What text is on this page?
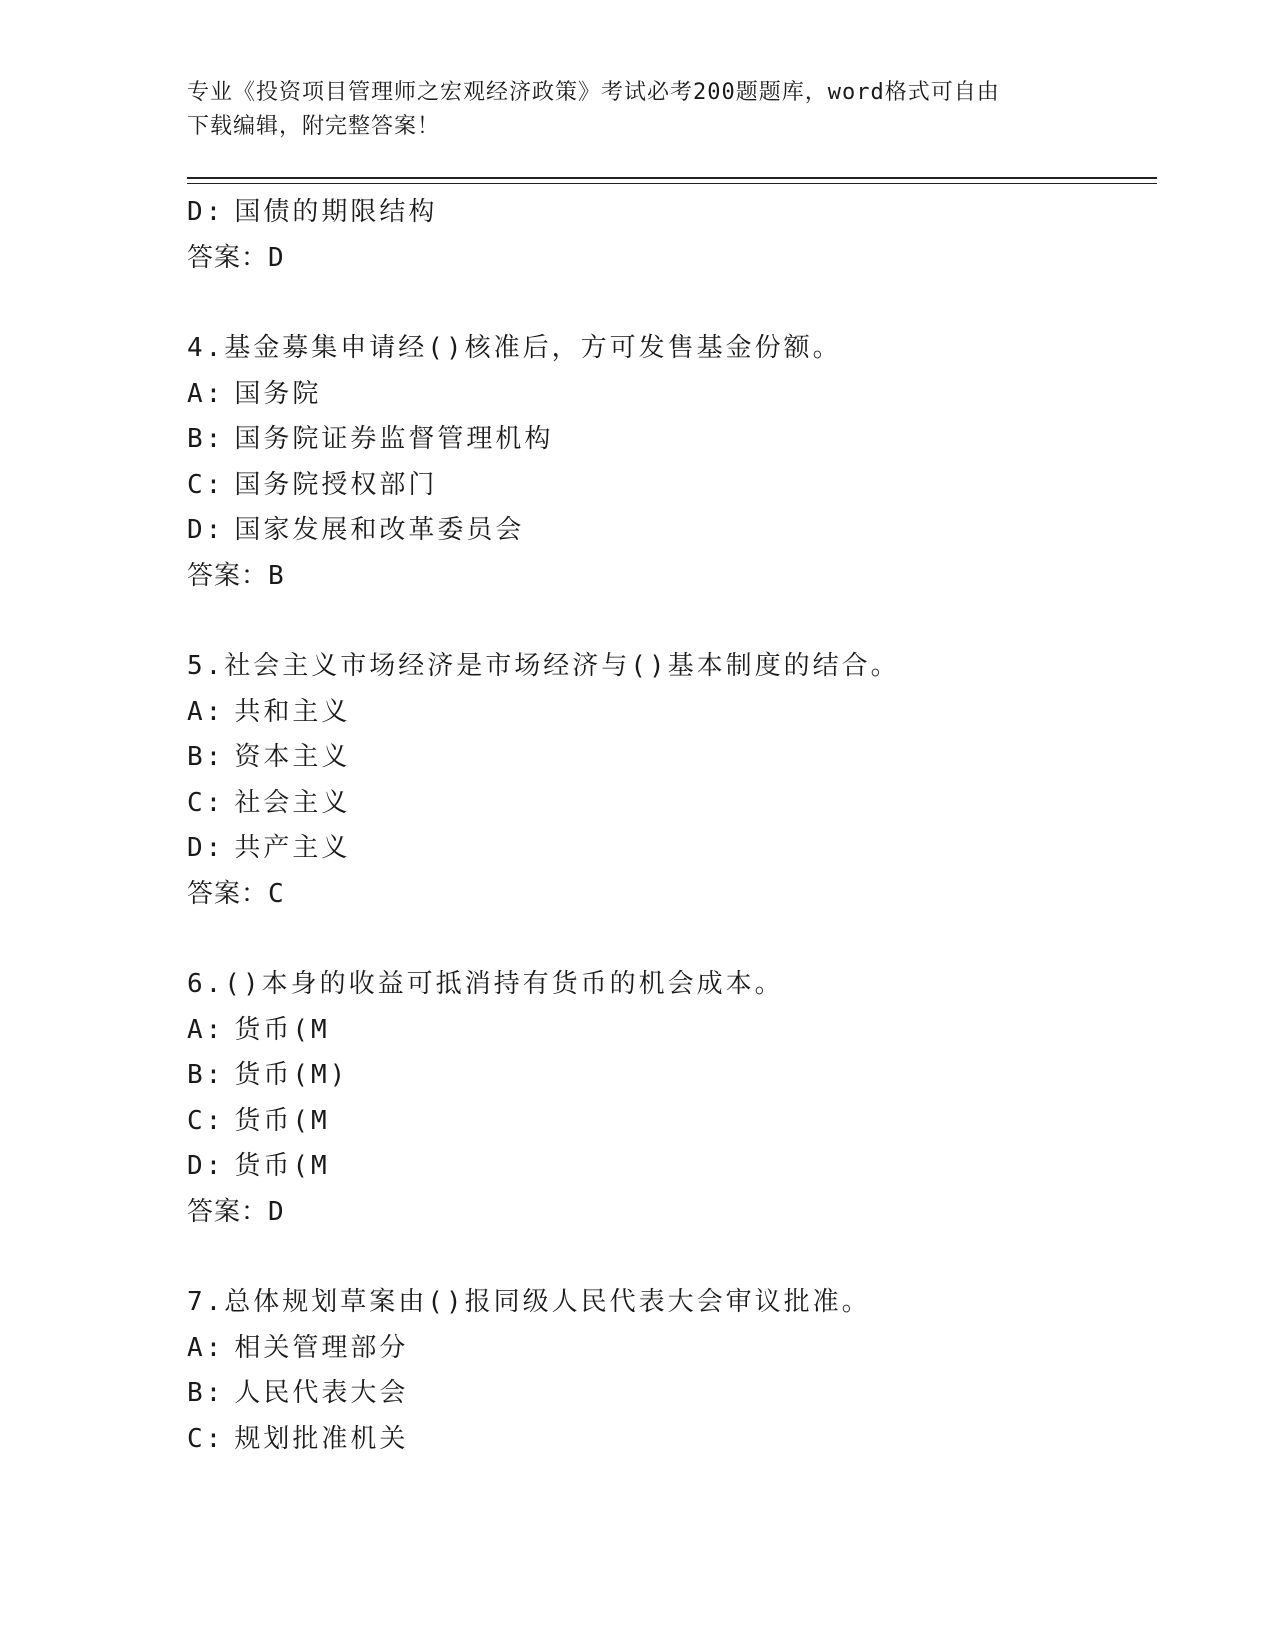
专业《投资项目管理师之宏观经济政策》考试必考200题题库，word格式可自由
下载编辑，附完整答案！
D: 国债的期限结构
答案：D
4.基金募集申请经()核准后，方可发售基金份额。
A: 国务院
B: 国务院证券监督管理机构
C: 国务院授权部门
D: 国家发展和改革委员会
答案：B
5.社会主义市场经济是市场经济与()基本制度的结合。
A: 共和主义
B: 资本主义
C: 社会主义
D: 共产主义
答案：C
6.()本身的收益可抵消持有货币的机会成本。
A: 货币(M
B: 货币(M)
C: 货币(M
D: 货币(M
答案：D
7.总体规划草案由()报同级人民代表大会审议批准。
A: 相关管理部分
B: 人民代表大会
C: 规划批准机关
